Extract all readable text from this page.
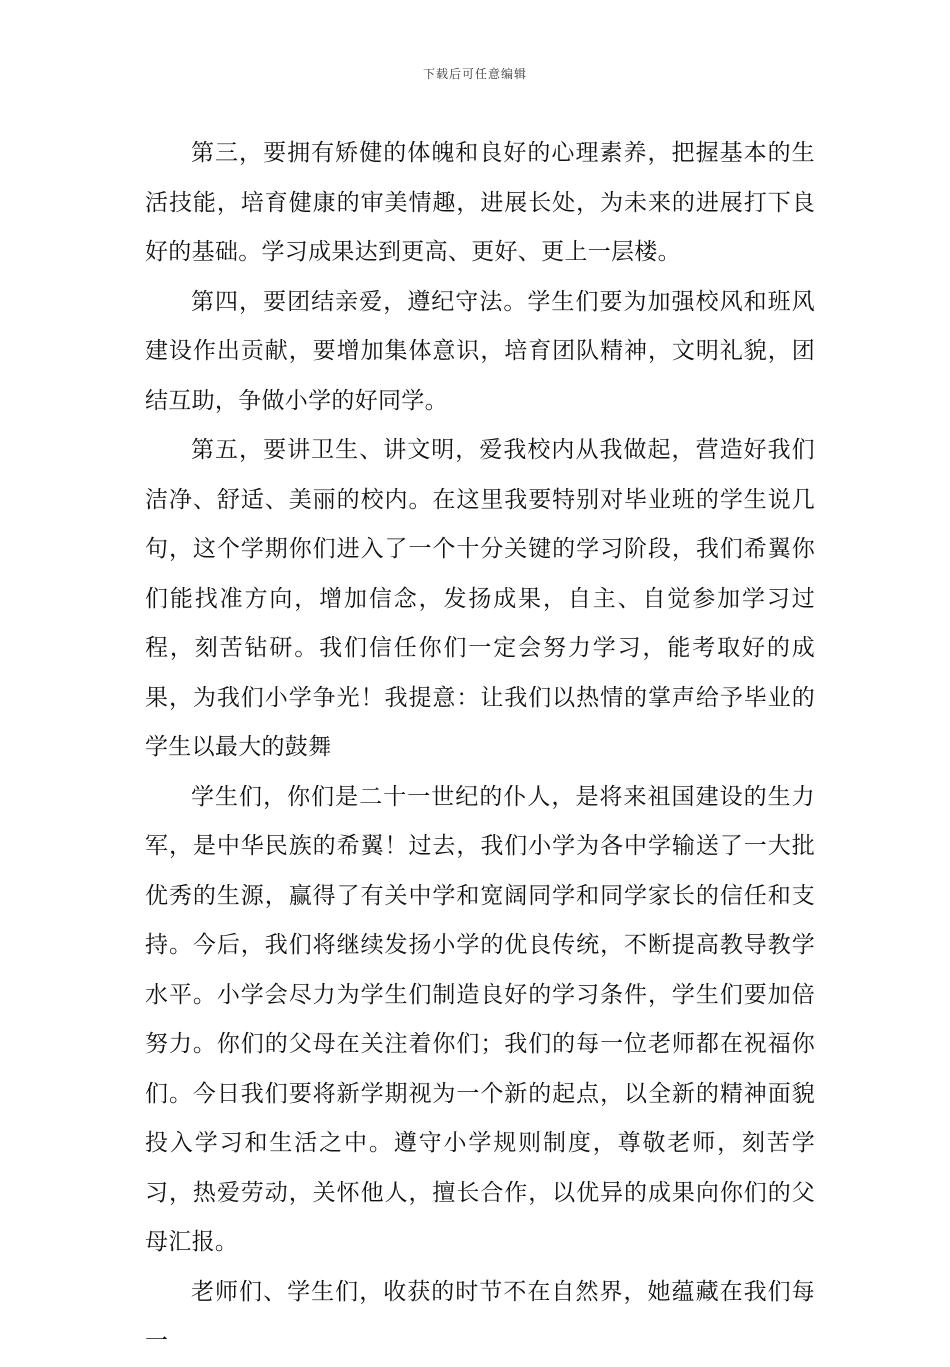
下载后可任意编辑

第三，要拥有矫健的体魄和良好的心理素养，把握基本的生活技能，培育健康的审美情趣，进展长处，为未来的进展打下良好的基础。学习成果达到更高、更好、更上一层楼。

第四，要团结亲爱，遵纪守法。学生们要为加强校风和班风建设作出贡献，要增加集体意识，培育团队精神，文明礼貌，团结互助，争做小学的好同学。

第五，要讲卫生、讲文明，爱我校内从我做起，营造好我们洁净、舒适、美丽的校内。在这里我要特别对毕业班的学生说几句，这个学期你们进入了一个十分关键的学习阶段，我们希翼你们能找准方向，增加信念，发扬成果，自主、自觉参加学习过程，刻苦钻研。我们信任你们一定会努力学习，能考取好的成果，为我们小学争光！我提意：让我们以热情的掌声给予毕业的学生以最大的鼓舞

学生们，你们是二十一世纪的仆人，是将来祖国建设的生力军，是中华民族的希翼！过去，我们小学为各中学输送了一大批优秀的生源，赢得了有关中学和宽阔同学和同学家长的信任和支持。今后，我们将继续发扬小学的优良传统，不断提高教导教学水平。小学会尽力为学生们制造良好的学习条件，学生们要加倍努力。你们的父母在关注着你们；我们的每一位老师都在祝福你们。今日我们要将新学期视为一个新的起点，以全新的精神面貌投入学习和生活之中。遵守小学规则制度，尊敬老师，刻苦学习，热爱劳动，关怀他人，擅长合作，以优异的成果向你们的父母汇报。

老师们、学生们，收获的时节不在自然界，她蕴藏在我们每一
